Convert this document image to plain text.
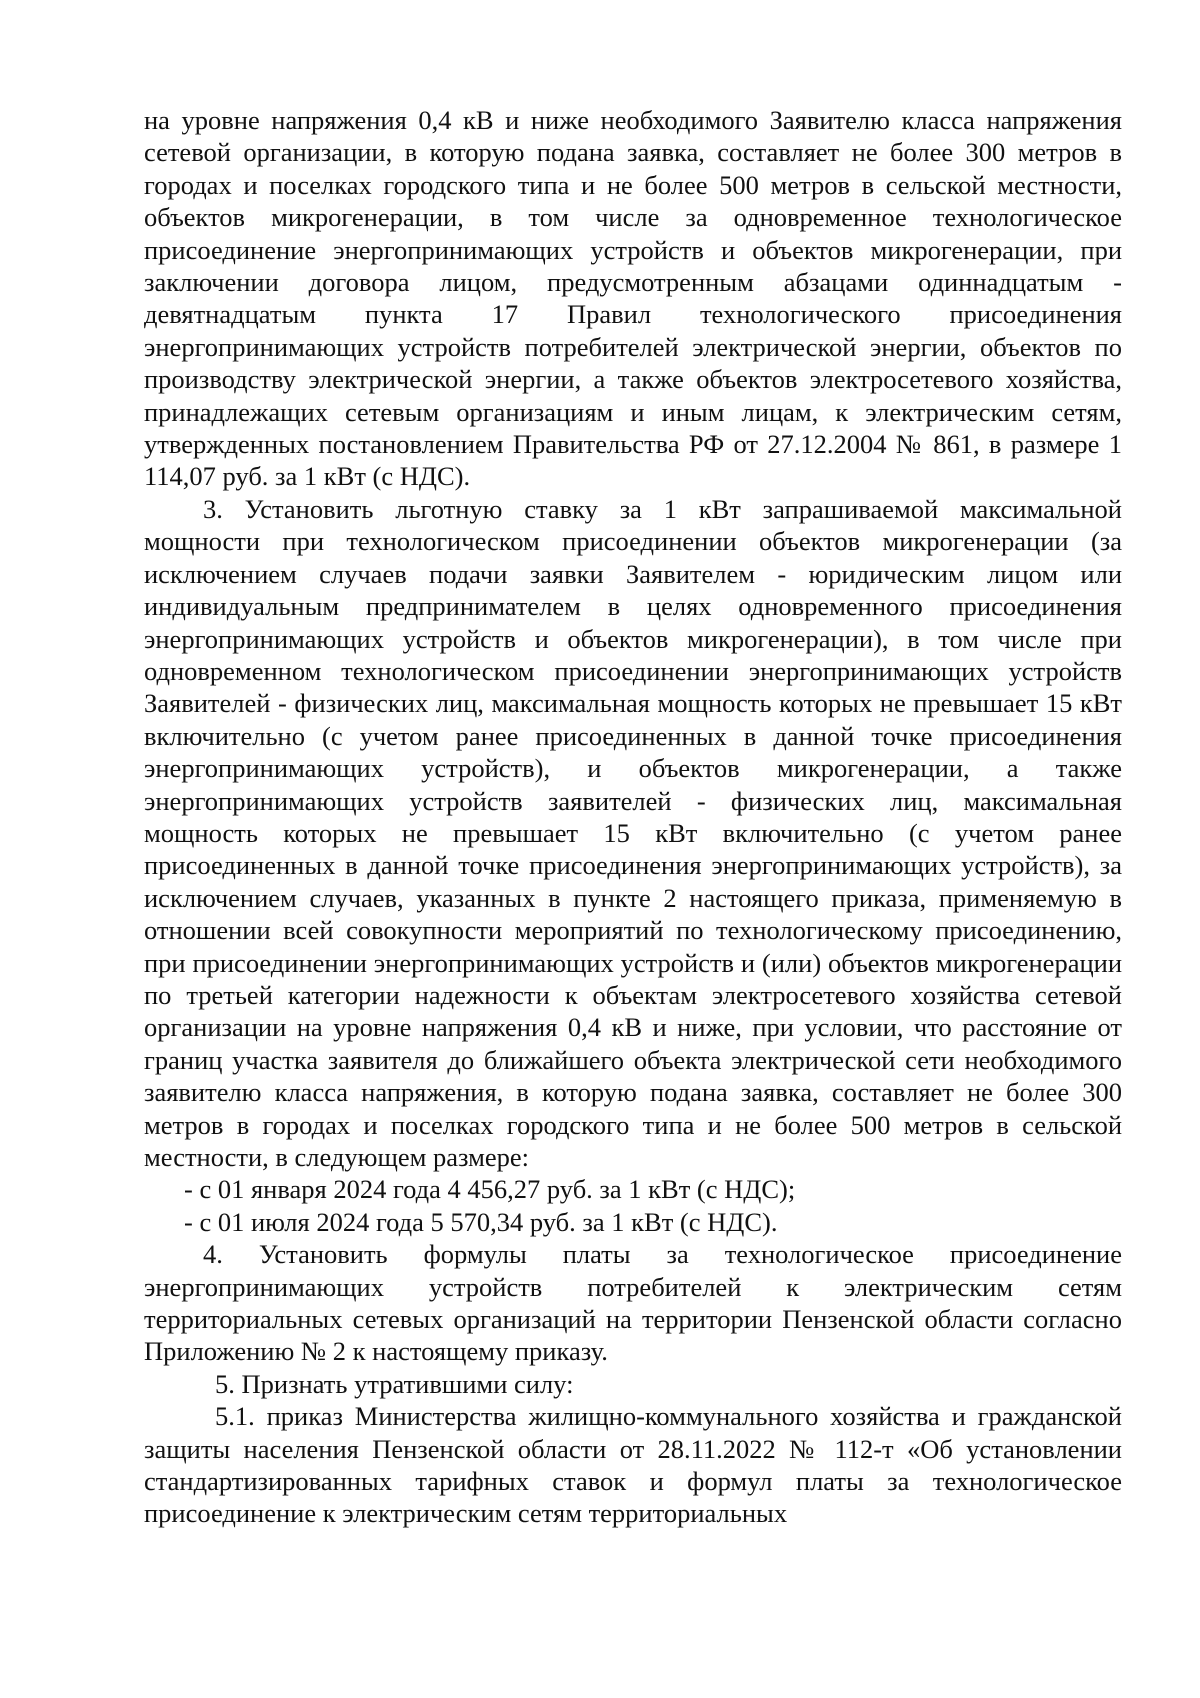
на уровне напряжения 0,4 кВ и ниже необходимого Заявителю класса напряжения сетевой организации, в которую подана заявка, составляет не более 300 метров в городах и поселках городского типа и не более 500 метров в сельской местности, объектов микрогенерации, в том числе за одновременное технологическое присоединение энергопринимающих устройств и объектов микрогенерации, при заключении договора лицом, предусмотренным абзацами одиннадцатым - девятнадцатым пункта 17 Правил технологического присоединения энергопринимающих устройств потребителей электрической энергии, объектов по производству электрической энергии, а также объектов электросетевого хозяйства, принадлежащих сетевым организациям и иным лицам, к электрическим сетям, утвержденных постановлением Правительства РФ от 27.12.2004 № 861, в размере 1 114,07 руб. за 1 кВт (с НДС).

3. Установить льготную ставку за 1 кВт запрашиваемой максимальной мощности при технологическом присоединении объектов микрогенерации (за исключением случаев подачи заявки Заявителем - юридическим лицом или индивидуальным предпринимателем в целях одновременного присоединения энергопринимающих устройств и объектов микрогенерации), в том числе при одновременном технологическом присоединении энергопринимающих устройств Заявителей - физических лиц, максимальная мощность которых не превышает 15 кВт включительно (с учетом ранее присоединенных в данной точке присоединения энергопринимающих устройств), и объектов микрогенерации, а также энергопринимающих устройств заявителей - физических лиц, максимальная мощность которых не превышает 15 кВт включительно (с учетом ранее присоединенных в данной точке присоединения энергопринимающих устройств), за исключением случаев, указанных в пункте 2 настоящего приказа, применяемую в отношении всей совокупности мероприятий по технологическому присоединению, при присоединении энергопринимающих устройств и (или) объектов микрогенерации по третьей категории надежности к объектам электросетевого хозяйства сетевой организации на уровне напряжения 0,4 кВ и ниже, при условии, что расстояние от границ участка заявителя до ближайшего объекта электрической сети необходимого заявителю класса напряжения, в которую подана заявка, составляет не более 300 метров в городах и поселках городского типа и не более 500 метров в сельской местности, в следующем размере:

- с 01 января 2024 года 4 456,27 руб. за 1 кВт (с НДС);

- с 01 июля 2024 года 5 570,34 руб. за 1 кВт (с НДС).

4. Установить формулы платы за технологическое присоединение энергопринимающих устройств потребителей к электрическим сетям территориальных сетевых организаций на территории Пензенской области согласно Приложению № 2 к настоящему приказу.

5. Признать утратившими силу:

5.1. приказ Министерства жилищно-коммунального хозяйства и гражданской защиты населения Пензенской области от 28.11.2022 № 112-т «Об установлении стандартизированных тарифных ставок и формул платы за технологическое присоединение к электрическим сетям территориальных
